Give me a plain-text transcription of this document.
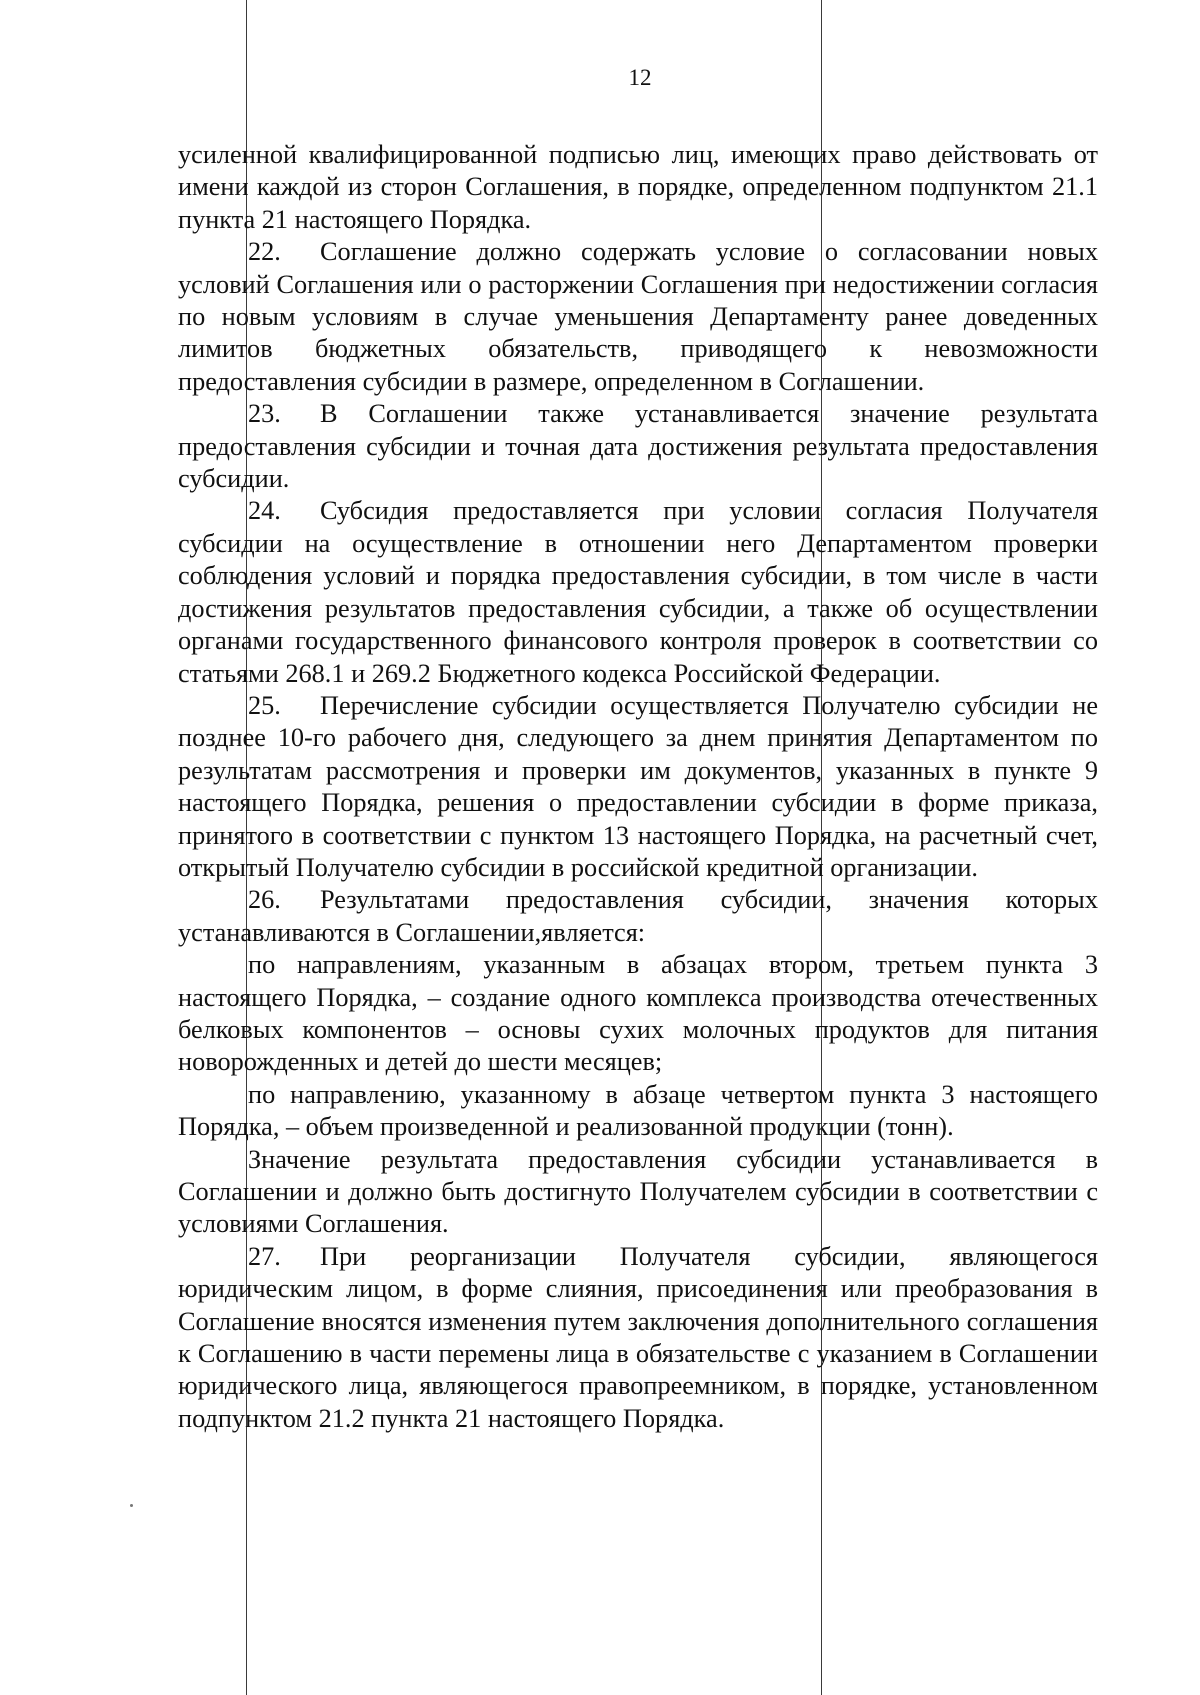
12

усиленной квалифицированной подписью лиц, имеющих право действовать от имени каждой из сторон Соглашения, в порядке, определенном подпунктом 21.1 пункта 21 настоящего Порядка.

22. Соглашение должно содержать условие о согласовании новых условий Соглашения или о расторжении Соглашения при недостижении согласия по новым условиям в случае уменьшения Департаменту ранее доведенных лимитов бюджетных обязательств, приводящего к невозможности предоставления субсидии в размере, определенном в Соглашении.

23. В Соглашении также устанавливается значение результата предоставления субсидии и точная дата достижения результата предоставления субсидии.

24. Субсидия предоставляется при условии согласия Получателя субсидии на осуществление в отношении него Департаментом проверки соблюдения условий и порядка предоставления субсидии, в том числе в части достижения результатов предоставления субсидии, а также об осуществлении органами государственного финансового контроля проверок в соответствии со статьями 268.1 и 269.2 Бюджетного кодекса Российской Федерации.

25. Перечисление субсидии осуществляется Получателю субсидии не позднее 10-го рабочего дня, следующего за днем принятия Департаментом по результатам рассмотрения и проверки им документов, указанных в пункте 9 настоящего Порядка, решения о предоставлении субсидии в форме приказа, принятого в соответствии с пунктом 13 настоящего Порядка, на расчетный счет, открытый Получателю субсидии в российской кредитной организации.

26. Результатами предоставления субсидии, значения которых устанавливаются в Соглашении,является:

по направлениям, указанным в абзацах втором, третьем пункта 3 настоящего Порядка, – создание одного комплекса производства отечественных белковых компонентов – основы сухих молочных продуктов для питания новорожденных и детей до шести месяцев;

по направлению, указанному в абзаце четвертом пункта 3 настоящего Порядка, – объем произведенной и реализованной продукции (тонн).

Значение результата предоставления субсидии устанавливается в Соглашении и должно быть достигнуто Получателем субсидии в соответствии с условиями Соглашения.

27. При реорганизации Получателя субсидии, являющегося юридическим лицом, в форме слияния, присоединения или преобразования в Соглашение вносятся изменения путем заключения дополнительного соглашения к Соглашению в части перемены лица в обязательстве с указанием в Соглашении юридического лица, являющегося правопреемником, в порядке, установленном подпунктом 21.2 пункта 21 настоящего Порядка.
